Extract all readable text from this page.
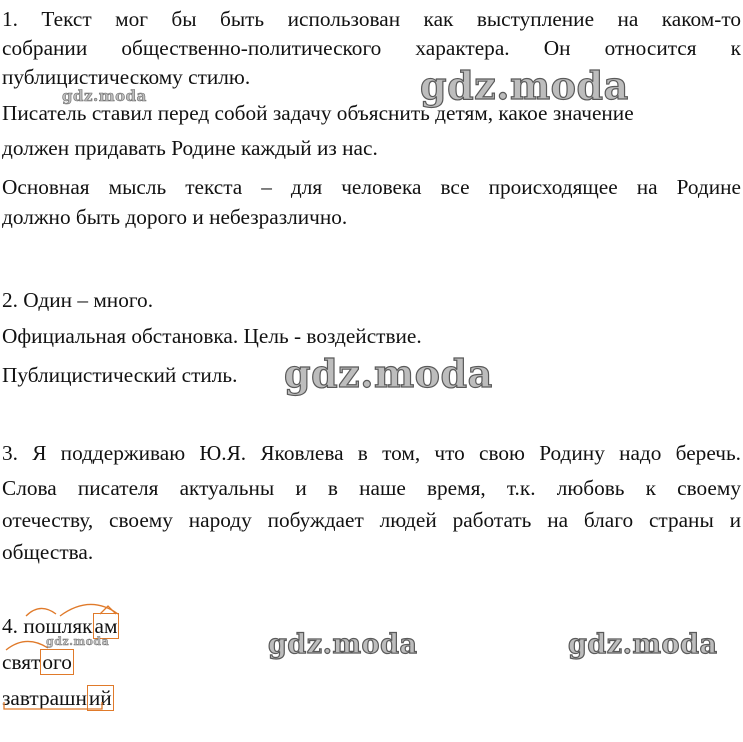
1. Текст мог бы быть использован как выступление на каком-то
собрании общественно-политического характера. Он относится к
публицистическому стилю.
Писатель ставил перед собой задачу объяснить детям, какое значение
должен придавать Родине каждый из нас.
Основная мысль текста – для человека все происходящее на Родине
должно быть дорого и небезразлично.
2. Один – много.
Официальная обстановка. Цель - воздействие.
Публицистический стиль.
3. Я поддерживаю Ю.Я. Яковлева в том, что свою Родину надо беречь.
Слова писателя актуальны и в наше время, т.к. любовь к своему
отечеству, своему народу побуждает людей работать на благо страны и
общества.
4. пошлякам
святого
завтрашний
gdz.moda
gdz.moda
gdz.moda
gdz.moda	gdz.moda
gdz.moda
